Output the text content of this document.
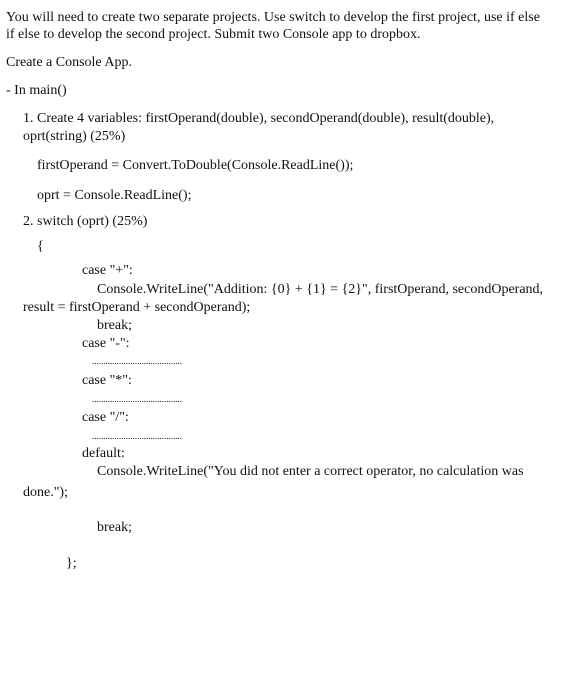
You will need to create two separate projects. Use switch to develop the first project, use if else
if else to develop the second project. Submit two Console app to dropbox.
Create a Console App.
- In main()
1. Create 4 variables: firstOperand(double), secondOperand(double), result(double),
oprt(string) (25%)
firstOperand = Convert.ToDouble(Console.ReadLine());
oprt = Console.ReadLine();
2. switch (oprt) (25%)
{
case "+":
Console.WriteLine("Addition: {0} + {1} = {2}", firstOperand, secondOperand,
result = firstOperand + secondOperand);
break;
case "-":
........................................
case "*":
........................................
case "/":
........................................
default:
Console.WriteLine("You did not enter a correct operator, no calculation was
done.");
break;
};
